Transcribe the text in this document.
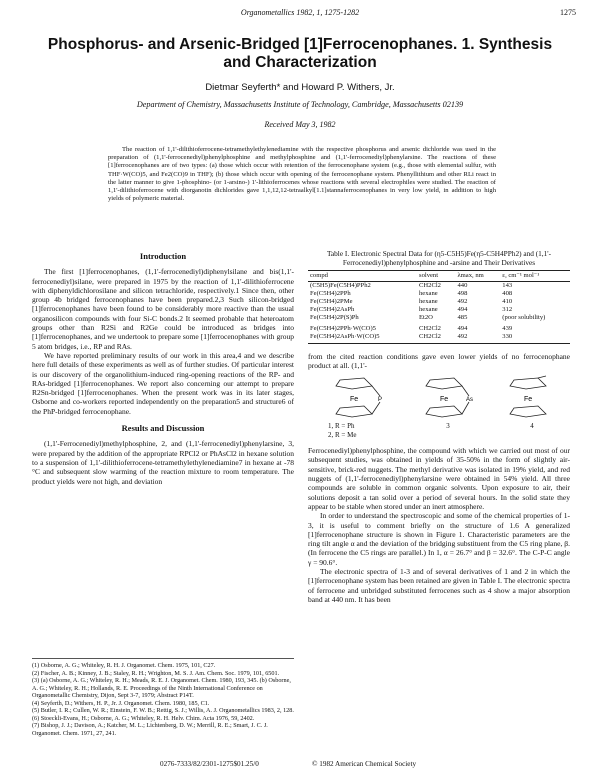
Organometallics 1982, 1, 1275-1282	1275
Phosphorus- and Arsenic-Bridged [1]Ferrocenophanes. 1. Synthesis and Characterization
Dietmar Seyferth* and Howard P. Withers, Jr.
Department of Chemistry, Massachusetts Institute of Technology, Cambridge, Massachusetts 02139
Received May 3, 1982

The reaction of 1,1'-dilithioferrocene-tetramethylethylenediamine with the respective phosphorus and arsenic dichloride was used in the preparation of (1,1'-ferrocenediyl)phenylphosphine and methylphosphine and (1,1'-ferrocenediyl)phenylarsine. The reactions of these [1]ferrocenophanes are of two types: (a) those which occur with retention of the ferrocenophane system (e.g., those with elemental sulfur, with THF·W(CO)5, and Fe2(CO)9 in THF); (b) those which occur with opening of the ferrocenophane system. Phenyllithium and other RLi react in the latter manner to give 1-phosphino- (or 1-arsino-) 1'-lithioferrocenes whose reactions with several electrophiles were studied. The reaction of 1,1'-dilithioferrocene with diorganotin dichlorides gave 1,1,12,12-tetraalkyl[1.1]stannaferrocenophanes in very low yield, in addition to high yields of polymeric material.

Introduction

The first [1]ferrocenophanes, (1,1'-ferrocenediyl)diphenylsilane and bis(1,1'-ferrocenediyl)silane, were prepared in 1975 by the reaction of 1,1'-dilithioferrocene with diphenyldichlorosilane and silicon tetrachloride, respectively.1 Since then, other group 4b bridged ferrocenophanes have been prepared.2,3 Such silicon-bridged [1]ferrocenophanes have been found to be considerably more reactive than the usual organosilicon compounds with four Si-C bonds.2 It seemed probable that heteroatom groups other than R2Si and R2Ge could be introduced as bridges into [1]ferrocenophanes, and we undertook to prepare some [1]ferrocenophanes with group 5 atom bridges, i.e., RP and RAs.

We have reported preliminary results of our work in this area,4 and we describe here full details of these experiments as well as of further studies. Of particular interest is our discovery of the organolithium-induced ring-opening reactions of the RP- and RAs-bridged [1]ferrocenophanes. We report also concerning our attempt to prepare R2Sn-bridged [1]ferrocenophanes. When the present work was in its later stages, Osborne and co-workers reported independently on the preparation5 and structure6 of the PhP-bridged ferrocenophane.

Results and Discussion

(1,1'-Ferrocenediyl)methylphosphine, 2, and (1,1'-ferrocenediyl)phenylarsine, 3, were prepared by the addition of the appropriate RPCl2 or PhAsCl2 in hexane solution to a suspension of 1,1'-dilithioferrocene-tetramethylethylenediamine7 in hexane at -78 °C and subsequent slow warming of the reaction mixture to room temperature. The product yields were not high, and deviation

Table I. Electronic Spectral Data for (η5-C5H5)Fe(η5-C5H4PPh2) and (1,1'-Ferrocenediyl)phenylphosphine and -arsine and Their Derivatives
compd	solvent	λmax, nm	ε, cm⁻¹ mol⁻¹
(C5H5)Fe(C5H4)PPh2	CH2Cl2	440	143
Fe(C5H4)2PPh	hexane	498	408
Fe(C5H4)2PMe	hexane	492	410
Fe(C5H4)2AsPh	hexane	494	312
Fe(C5H4)2P(S)Ph	Et2O	485	(poor solubility)
Fe(C5H4)2PPh·W(CO)5	CH2Cl2	494	439
Fe(C5H4)2AsPh·W(CO)5	CH2Cl2	492	330

from the cited reaction conditions gave even lower yields of no ferrocenophane product at all. (1,1'-

Fe	P	Fe	As	Fe
1, R = Ph
2, R = Me
3	4

Ferrocenediyl)phenylphosphine, the compound with which we carried out most of our subsequent studies, was obtained in yields of 35-50% in the form of slightly air-sensitive, brick-red nuggets. The methyl derivative was isolated in 19% yield, and red nuggets of (1,1'-ferrocenediyl)phenylarsine were obtained in 54% yield. All three compounds are soluble in common organic solvents. Upon exposure to air, their solutions deposit a tan solid over a period of several hours. In the solid state they appear to be stable when stored under an inert atmosphere.

In order to understand the spectroscopic and some of the chemical properties of 1-3, it is useful to comment briefly on the structure of 1.6 A generalized [1]ferrocenophane structure is shown in Figure 1. Characteristic parameters are the ring tilt angle α and the deviation of the bridging substituent from the C5 ring plane, β. (In ferrocene the C5 rings are parallel.) In 1, α = 26.7° and β = 32.6°. The C-P-C angle γ = 90.6°.

The electronic spectra of 1-3 and of several derivatives of 1 and 2 in which the [1]ferrocenophane system has been retained are given in Table I. The electronic spectra of ferrocene and unbridged substituted ferrocenes such as 4 show a major absorption band at 440 nm. It has been

(1) Osborne, A. G.; Whiteley, R. H. J. Organomet. Chem. 1975, 101, C27.

(2) Fischer, A. B.; Kinney, J. B.; Staley, R. H.; Wrighton, M. S. J. Am. Chem. Soc. 1979, 101, 6501.

(3) (a) Osborne, A. G.; Whiteley, R. H.; Meads, R. E. J. Organomet. Chem. 1980, 193, 345. (b) Osborne, A. G.; Whiteley, R. H.; Hollands, R. E. Proceedings of the Ninth International Conference on Organometallic Chemistry, Dijon, Sept 3-7, 1979; Abstract P14T.

(4) Seyferth, D.; Withers, H. P., Jr. J. Organomet. Chem. 1980, 185, C1.

(5) Butler, I. R.; Cullen, W. R.; Einstein, F. W. B.; Rettig, S. J.; Willis, A. J. Organometallics 1983, 2, 128.

(6) Stoeckli-Evans, H.; Osborne, A. G.; Whiteley, R. H. Helv. Chim. Acta 1976, 59, 2402.

(7) Bishop, J. J.; Davison, A.; Katcher, M. L.; Lichtenberg, D. W.; Merrill, R. E.; Smart, J. C. J. Organomet. Chem. 1971, 27, 241.

0276-7333/82/2301-1275$01.25/0	© 1982 American Chemical Society
